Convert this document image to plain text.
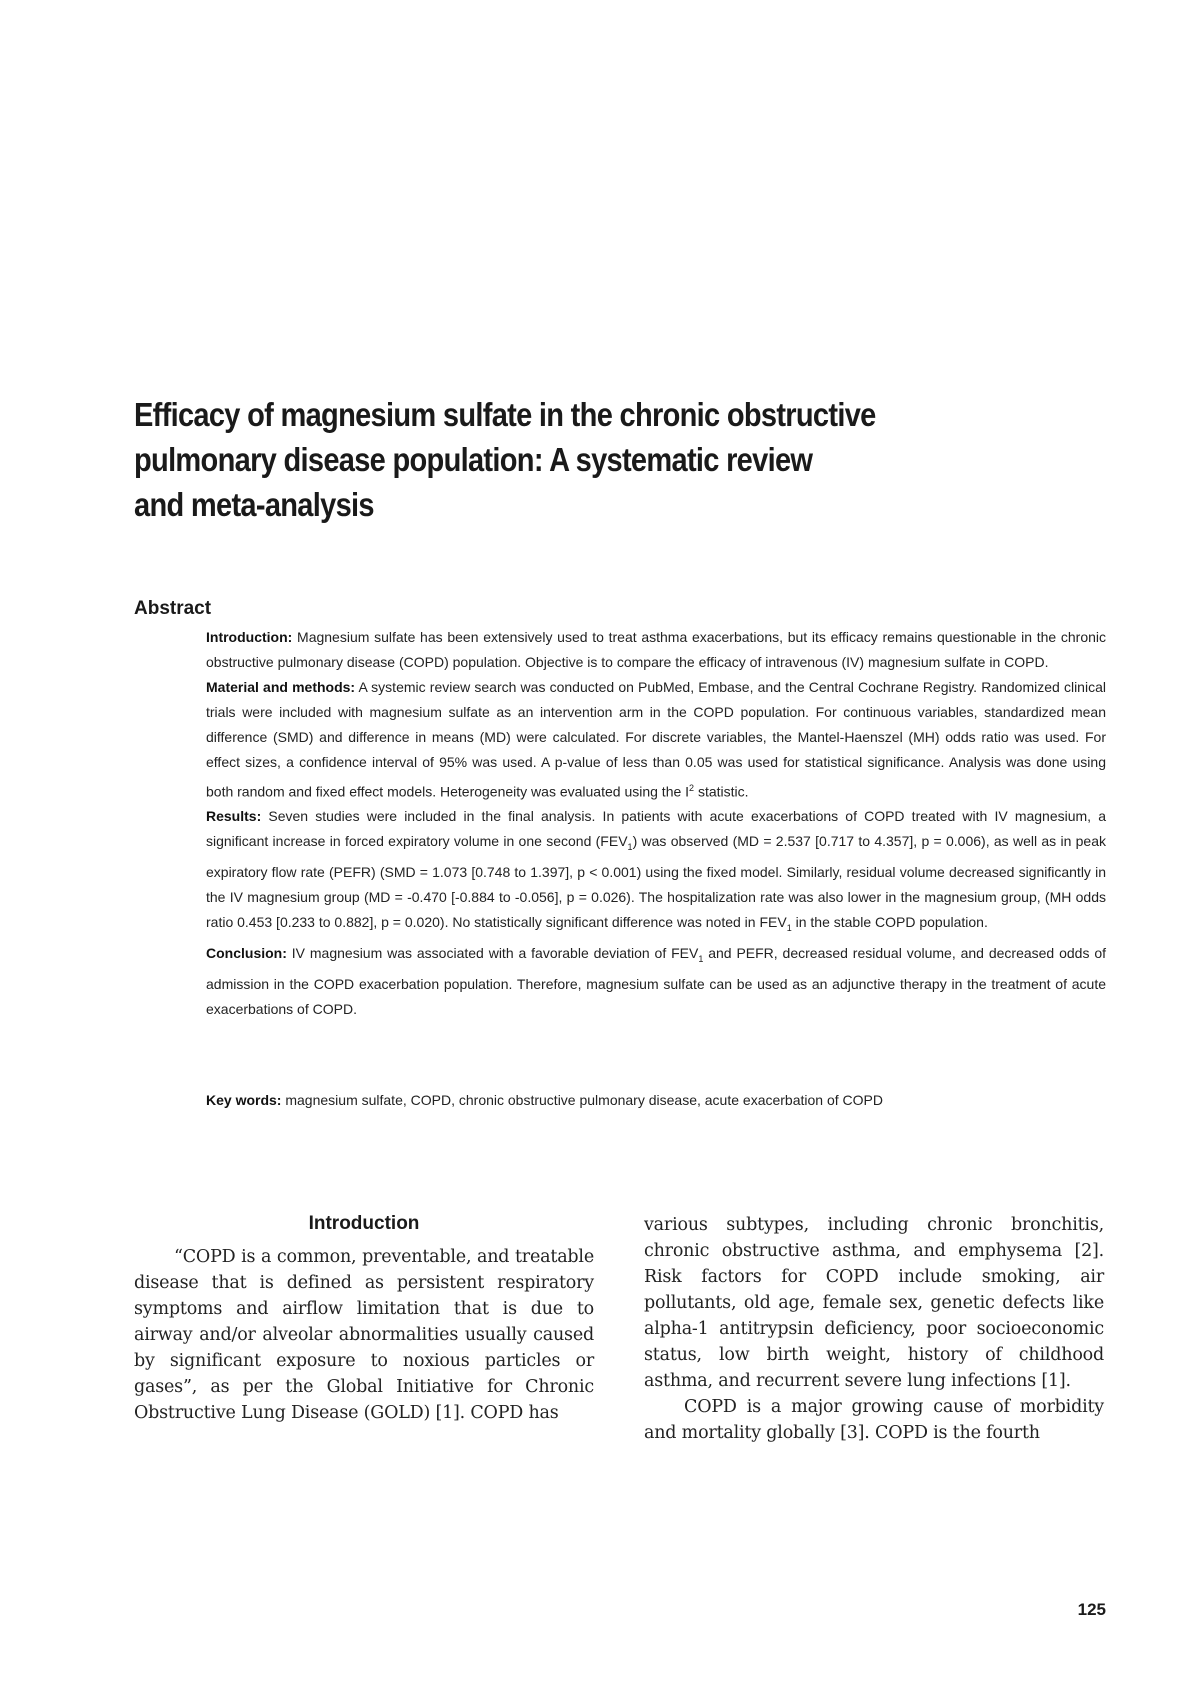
Efficacy of magnesium sulfate in the chronic obstructive
pulmonary disease population: A systematic review
and meta-analysis
Abstract

Introduction: Magnesium sulfate has been extensively used to treat asthma exacerbations, but its efficacy remains questionable in the chronic obstructive pulmonary disease (COPD) population. Objective is to compare the efficacy of intravenous (IV) magnesium sulfate in COPD.

Material and methods: A systemic review search was conducted on PubMed, Embase, and the Central Cochrane Registry. Randomized clinical trials were included with magnesium sulfate as an intervention arm in the COPD population. For continuous variables, standardized mean difference (SMD) and difference in means (MD) were calculated. For discrete variables, the Mantel-Haenszel (MH) odds ratio was used. For effect sizes, a confidence interval of 95% was used. A p-value of less than 0.05 was used for statistical significance. Analysis was done using both random and fixed effect models. Heterogeneity was evaluated using the $I^2$ statistic.

Results: Seven studies were included in the final analysis. In patients with acute exacerbations of COPD treated with IV magnesium, a significant increase in forced expiratory volume in one second $(FEV_1)$ was observed (MD = 2.537 [0.717 to 4.357], p = 0.006), as well as in peak expiratory flow rate (PEFR) (SMD = 1.073 [0.748 to 1.397], p < 0.001) using the fixed model. Similarly, residual volume decreased significantly in the IV magnesium group (MD = -0.470 [-0.884 to -0.056], p = 0.026). The hospitalization rate was also lower in the magnesium group, (MH odds ratio 0.453 [0.233 to 0.882], p = 0.020). No statistically significant difference was noted in $FEV_1$ in the stable COPD population.

Conclusion: IV magnesium was associated with a favorable deviation of $FEV_1$ and PEFR, decreased residual volume, and decreased odds of admission in the COPD exacerbation population. Therefore, magnesium sulfate can be used as an adjunctive therapy in the treatment of acute exacerbations of COPD.

Key words: magnesium sulfate, COPD, chronic obstructive pulmonary disease, acute exacerbation of COPD

Introduction

“COPD is a common, preventable, and treatable disease that is defined as persistent respiratory symptoms and airflow limitation that is due to airway and/or alveolar abnormalities usually caused by significant exposure to noxious particles or gases”, as per the Global Initiative for Chronic Obstructive Lung Disease (GOLD) [1]. COPD has

various subtypes, including chronic bronchitis, chronic obstructive asthma, and emphysema [2]. Risk factors for COPD include smoking, air pollutants, old age, female sex, genetic defects like alpha-1 antitrypsin deficiency, poor socioeconomic status, low birth weight, history of childhood asthma, and recurrent severe lung infections [1].

COPD is a major growing cause of morbidity and mortality globally [3]. COPD is the fourth

125
